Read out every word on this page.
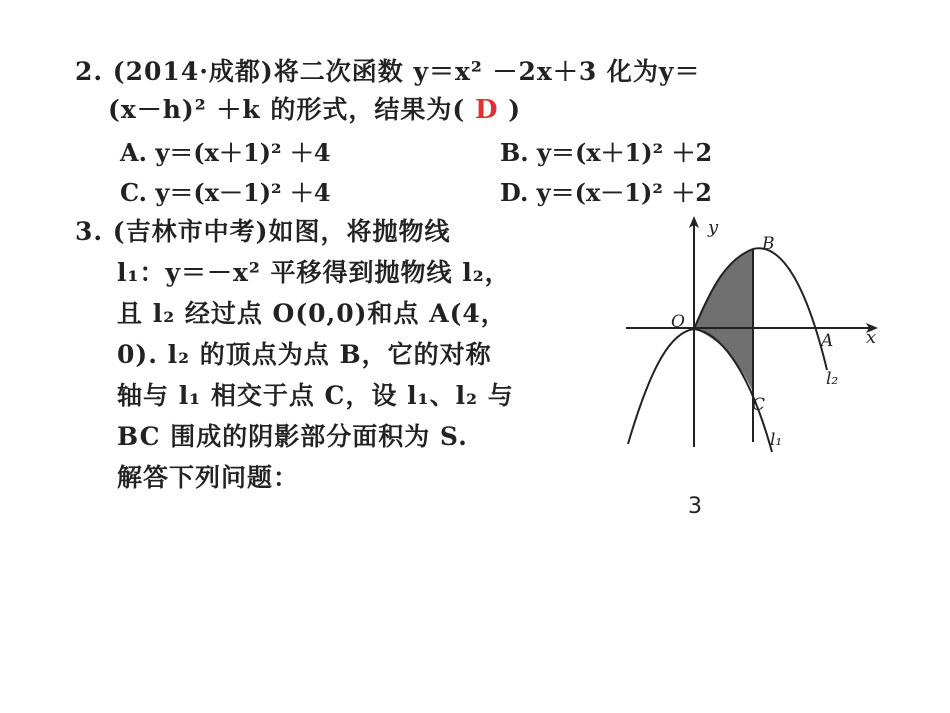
2. (2014·成都)将二次函数 y＝x² －2x＋3 化为y＝
(x－h)² ＋k 的形式，结果为( D )
A. y＝(x＋1)² ＋4	B. y＝(x＋1)² ＋2
C. y＝(x－1)² ＋4	D. y＝(x－1)² ＋2
3. (吉林市中考)如图，将抛物线
l₁：y＝－x² 平移得到抛物线 l₂，
且 l₂ 经过点 O(0,0)和点 A(4，
0). l₂ 的顶点为点 B，它的对称
轴与 l₁ 相交于点 C，设 l₁、l₂ 与
BC 围成的阴影部分面积为 S.
解答下列问题：
y
x
O
A
B
C
l₂
l₁
3
